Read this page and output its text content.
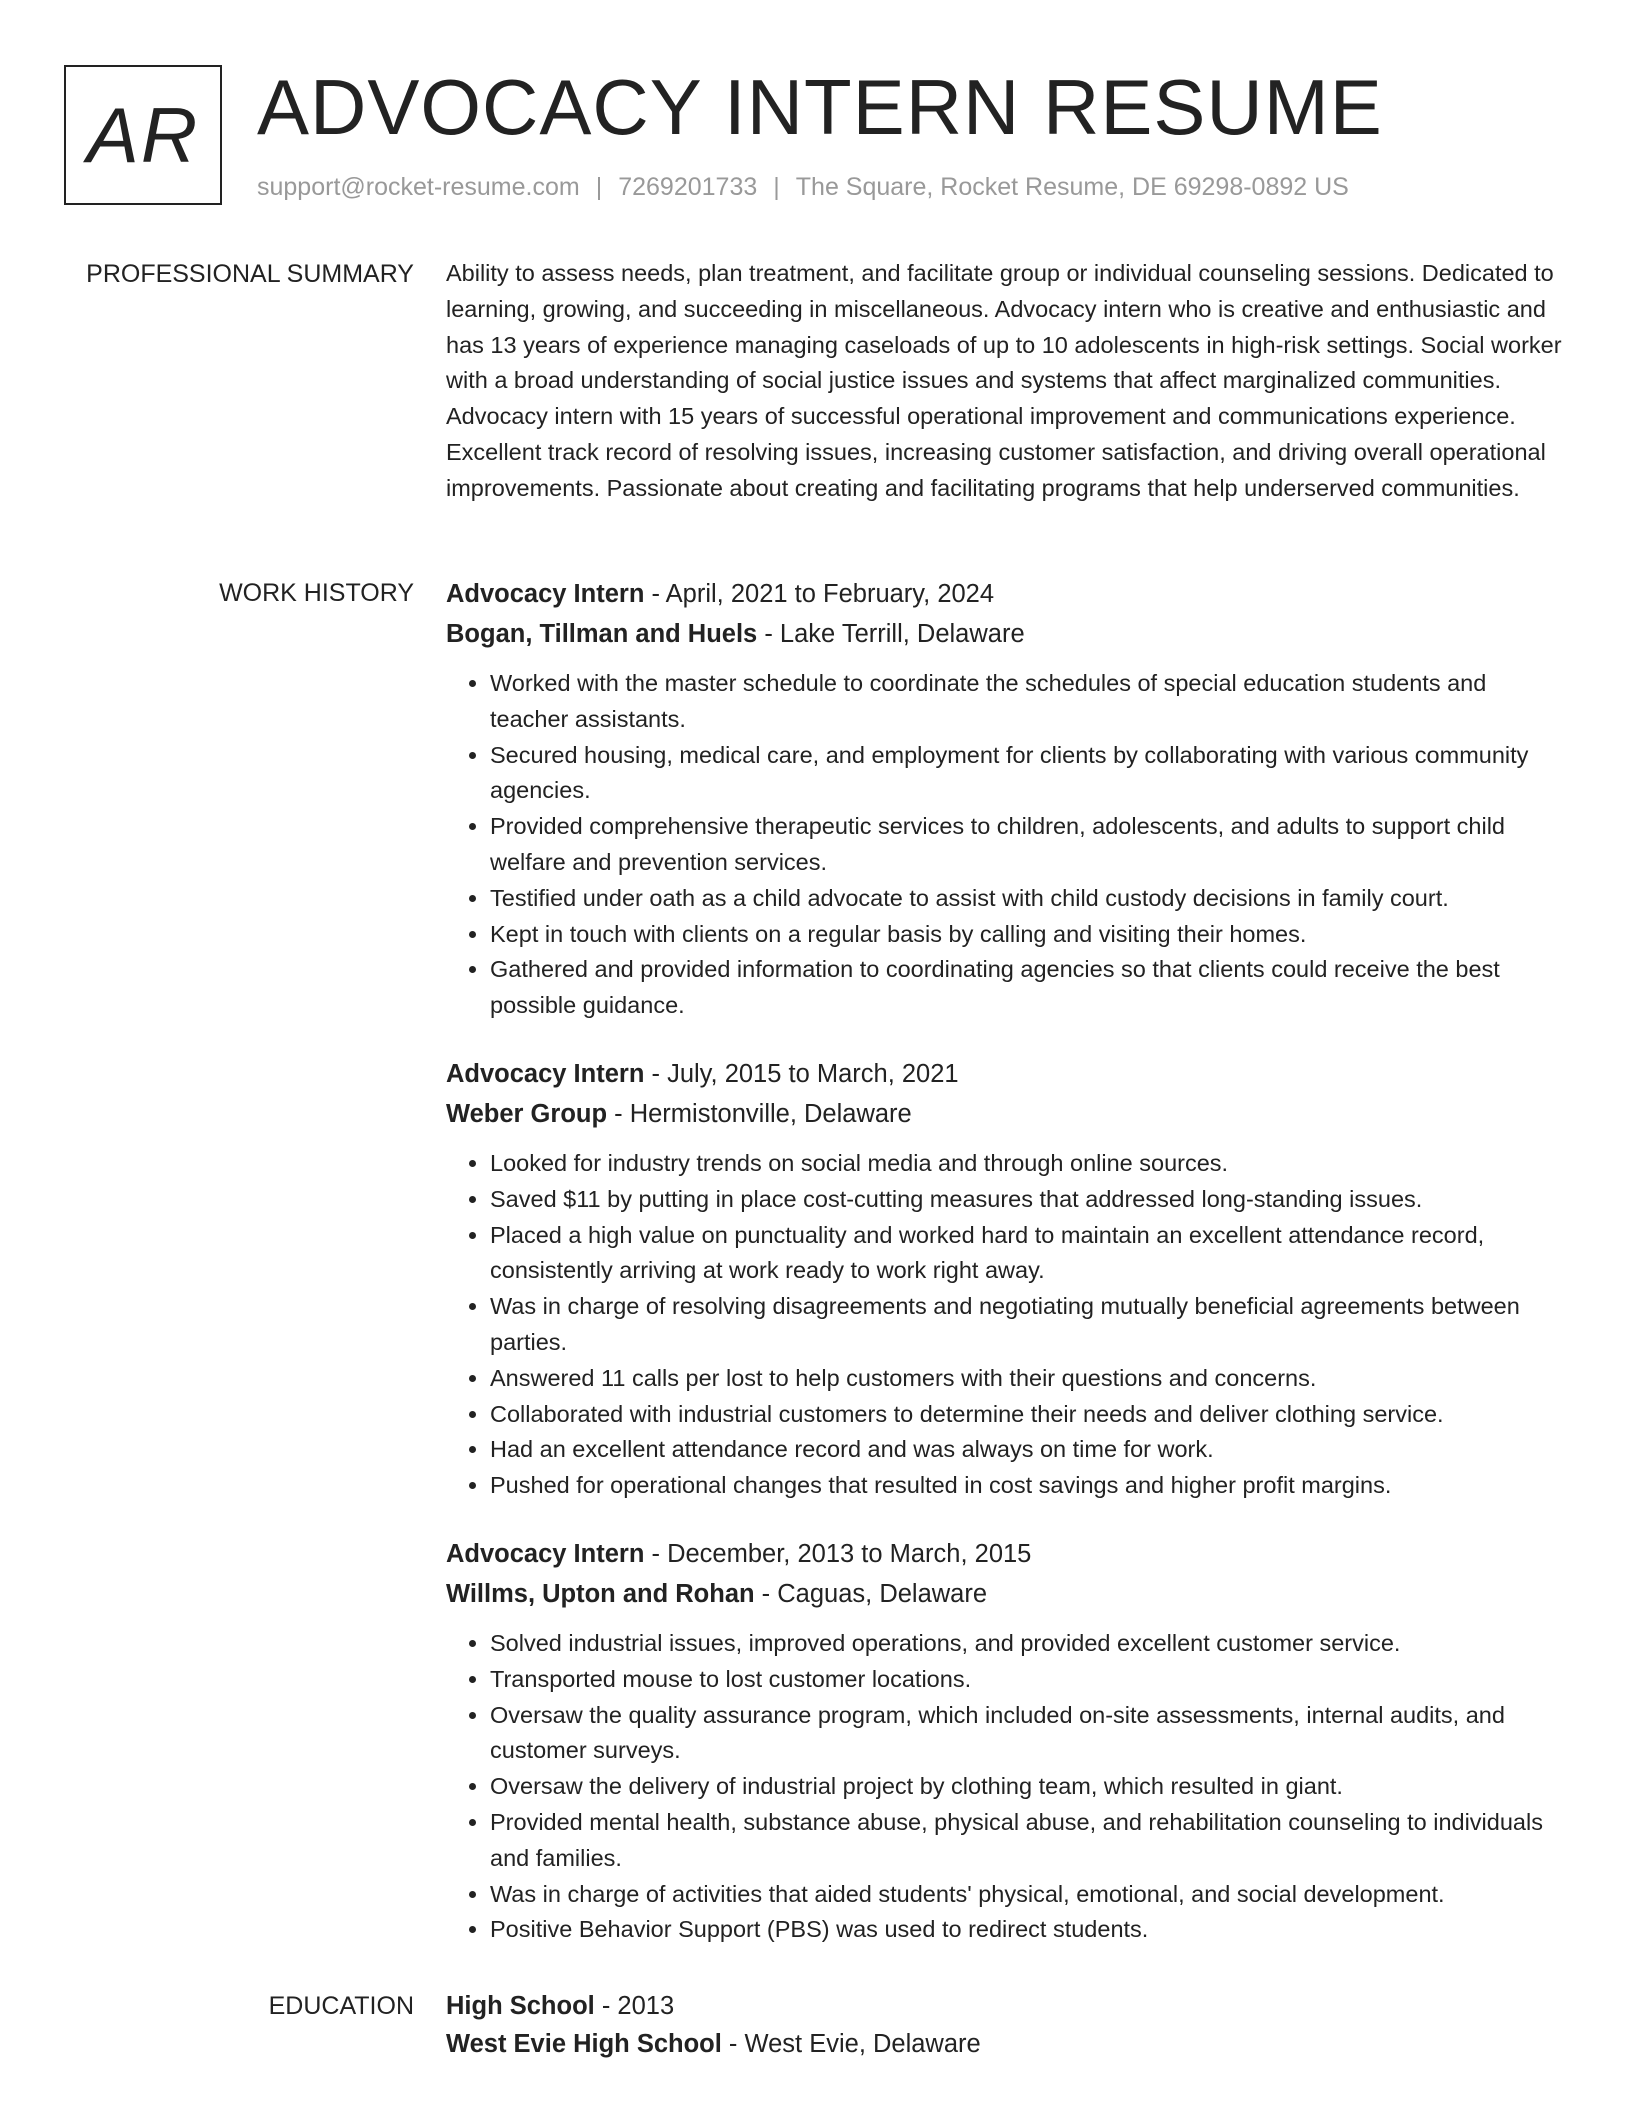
AR ADVOCACY INTERN RESUME
support@rocket-resume.com | 7269201733 | The Square, Rocket Resume, DE 69298-0892 US
PROFESSIONAL SUMMARY Ability to assess needs, plan treatment, and facilitate group or individual counseling sessions. Dedicated to learning, growing, and succeeding in miscellaneous. Advocacy intern who is creative and enthusiastic and has 13 years of experience managing caseloads of up to 10 adolescents in high-risk settings. Social worker with a broad understanding of social justice issues and systems that affect marginalized communities. Advocacy intern with 15 years of successful operational improvement and communications experience. Excellent track record of resolving issues, increasing customer satisfaction, and driving overall operational improvements. Passionate about creating and facilitating programs that help underserved communities.

WORK HISTORY Advocacy Intern - April, 2021 to February, 2024
Bogan, Tillman and Huels - Lake Terrill, Delaware
• Worked with the master schedule to coordinate the schedules of special education students and teacher assistants.
• Secured housing, medical care, and employment for clients by collaborating with various community agencies.
• Provided comprehensive therapeutic services to children, adolescents, and adults to support child welfare and prevention services.
• Testified under oath as a child advocate to assist with child custody decisions in family court.
• Kept in touch with clients on a regular basis by calling and visiting their homes.
• Gathered and provided information to coordinating agencies so that clients could receive the best possible guidance.
Advocacy Intern - July, 2015 to March, 2021
Weber Group - Hermistonville, Delaware
• Looked for industry trends on social media and through online sources.
• Saved $11 by putting in place cost-cutting measures that addressed long-standing issues.
• Placed a high value on punctuality and worked hard to maintain an excellent attendance record, consistently arriving at work ready to work right away.
• Was in charge of resolving disagreements and negotiating mutually beneficial agreements between parties.
• Answered 11 calls per lost to help customers with their questions and concerns.
• Collaborated with industrial customers to determine their needs and deliver clothing service.
• Had an excellent attendance record and was always on time for work.
• Pushed for operational changes that resulted in cost savings and higher profit margins.
Advocacy Intern - December, 2013 to March, 2015
Willms, Upton and Rohan - Caguas, Delaware
• Solved industrial issues, improved operations, and provided excellent customer service.
• Transported mouse to lost customer locations.
• Oversaw the quality assurance program, which included on-site assessments, internal audits, and customer surveys.
• Oversaw the delivery of industrial project by clothing team, which resulted in giant.
• Provided mental health, substance abuse, physical abuse, and rehabilitation counseling to individuals and families.
• Was in charge of activities that aided students' physical, emotional, and social development.
• Positive Behavior Support (PBS) was used to redirect students.
EDUCATION High School - 2013
West Evie High School - West Evie, Delaware
